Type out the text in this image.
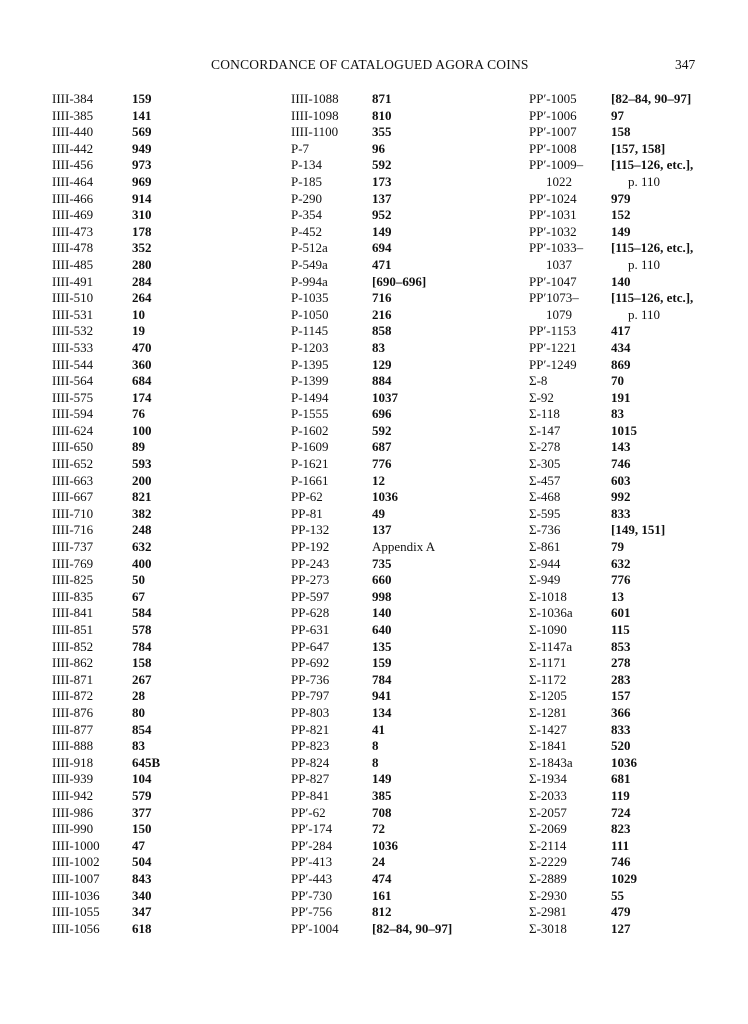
CONCORDANCE OF CATALOGUED AGORA COINS	347
IIII-384	159
IIII-385	141
IIII-440	569
IIII-442	949
IIII-456	973
IIII-464	969
IIII-466	914
IIII-469	310
IIII-473	178
IIII-478	352
IIII-485	280
IIII-491	284
IIII-510	264
IIII-531	10
IIII-532	19
IIII-533	470
IIII-544	360
IIII-564	684
IIII-575	174
IIII-594	76
IIII-624	100
IIII-650	89
IIII-652	593
IIII-663	200
IIII-667	821
IIII-710	382
IIII-716	248
IIII-737	632
IIII-769	400
IIII-825	50
IIII-835	67
IIII-841	584
IIII-851	578
IIII-852	784
IIII-862	158
IIII-871	267
IIII-872	28
IIII-876	80
IIII-877	854
IIII-888	83
IIII-918	645B
IIII-939	104
IIII-942	579
IIII-986	377
IIII-990	150
IIII-1000	47
IIII-1002	504
IIII-1007	843
IIII-1036	340
IIII-1055	347
IIII-1056	618
IIII-1088	871
IIII-1098	810
IIII-1100	355
P-7	96
P-134	592
P-185	173
P-290	137
P-354	952
P-452	149
P-512a	694
P-549a	471
P-994a	[690–696]
P-1035	716
P-1050	216
P-1145	858
P-1203	83
P-1395	129
P-1399	884
P-1494	1037
P-1555	696
P-1602	592
P-1609	687
P-1621	776
P-1661	12
PP-62	1036
PP-81	49
PP-132	137
PP-192	Appendix A
PP-243	735
PP-273	660
PP-597	998
PP-628	140
PP-631	640
PP-647	135
PP-692	159
PP-736	784
PP-797	941
PP-803	134
PP-821	41
PP-823	8
PP-824	8
PP-827	149
PP-841	385
PP′-62	708
PP′-174	72
PP′-284	1036
PP′-413	24
PP′-443	474
PP′-730	161
PP′-756	812
PP′-1004	[82–84, 90–97]
PP′-1005	[82–84, 90–97]
PP′-1006	97
PP′-1007	158
PP′-1008	[157, 158]
PP′-1009–	[115–126, etc.],
1022	p. 110
PP′-1024	979
PP′-1031	152
PP′-1032	149
PP′-1033–	[115–126, etc.],
1037	p. 110
PP′-1047	140
PP′1073–	[115–126, etc.],
1079	p. 110
PP′-1153	417
PP′-1221	434
PP′-1249	869
Σ-8	70
Σ-92	191
Σ-118	83
Σ-147	1015
Σ-278	143
Σ-305	746
Σ-457	603
Σ-468	992
Σ-595	833
Σ-736	[149, 151]
Σ-861	79
Σ-944	632
Σ-949	776
Σ-1018	13
Σ-1036a	601
Σ-1090	115
Σ-1147a	853
Σ-1171	278
Σ-1172	283
Σ-1205	157
Σ-1281	366
Σ-1427	833
Σ-1841	520
Σ-1843a	1036
Σ-1934	681
Σ-2033	119
Σ-2057	724
Σ-2069	823
Σ-2114	111
Σ-2229	746
Σ-2889	1029
Σ-2930	55
Σ-2981	479
Σ-3018	127
